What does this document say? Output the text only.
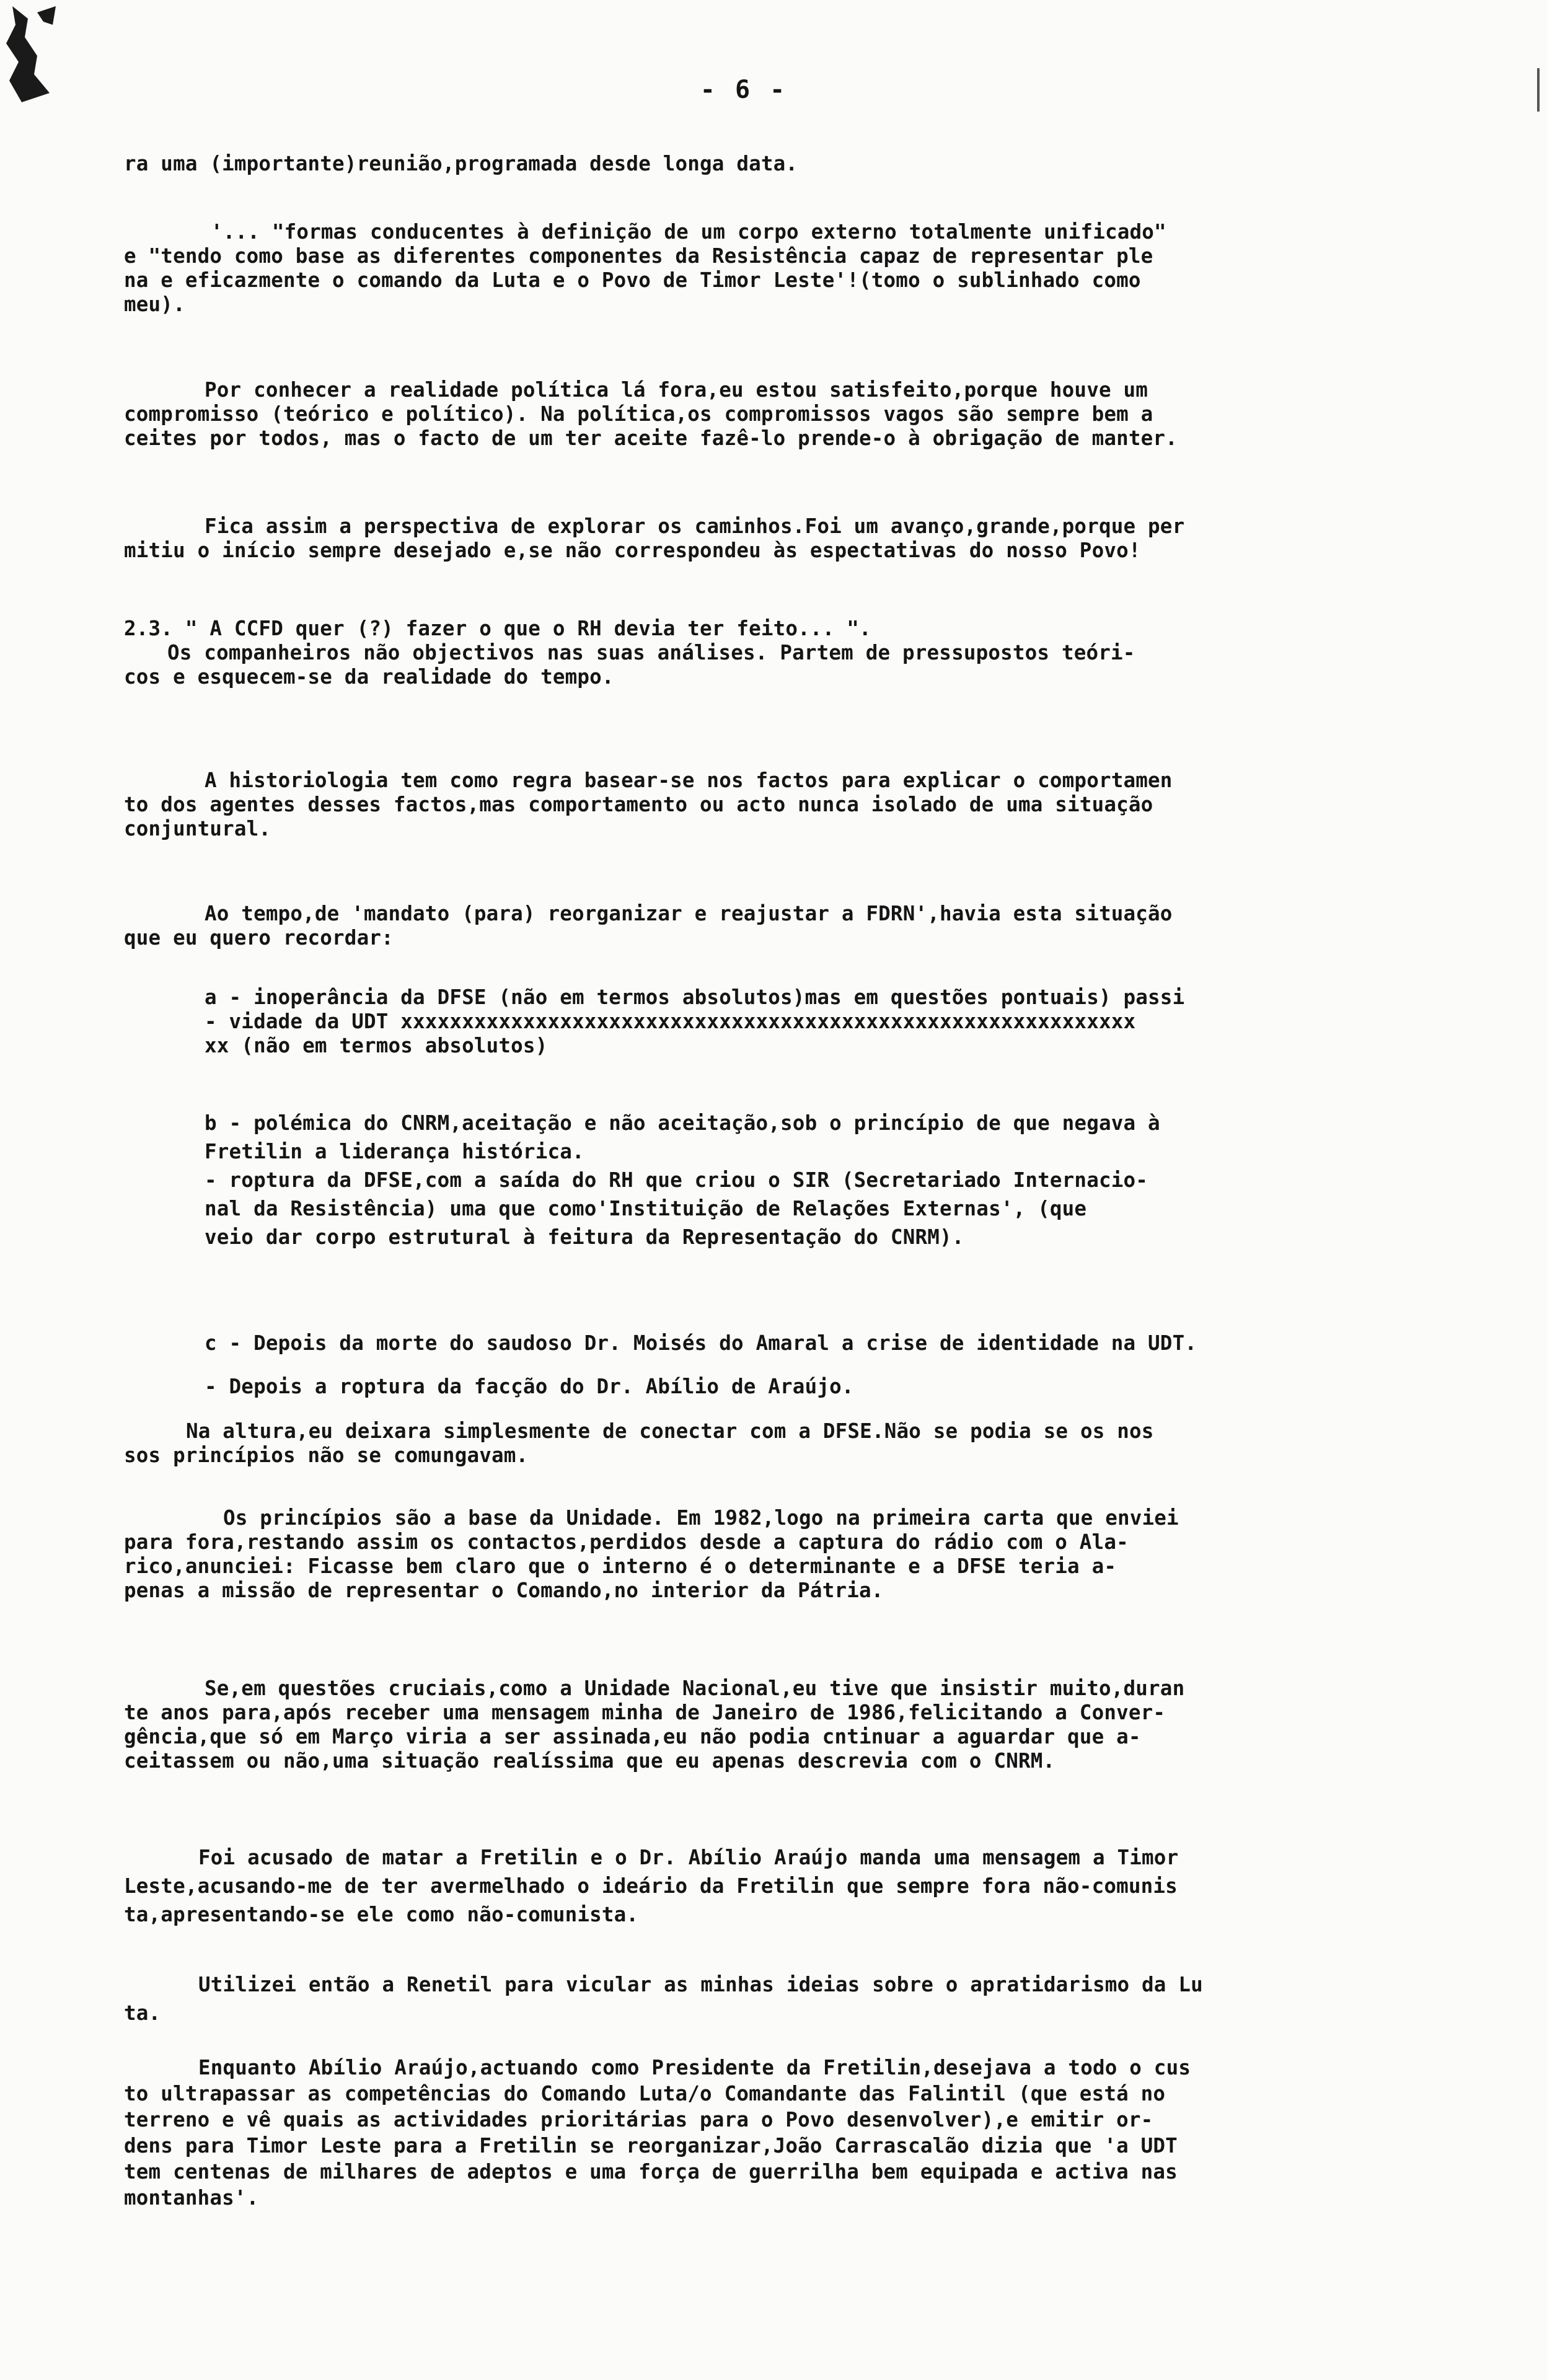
- 6 -
ra uma (importante)reunião,programada desde longa data.
'... "formas conducentes à definição de um corpo externo totalmente unificado"
e "tendo como base as diferentes componentes da Resistência capaz de representar ple
na e eficazmente o comando da Luta e o Povo de Timor Leste'!(tomo o sublinhado como
meu).
Por conhecer a realidade política lá fora,eu estou satisfeito,porque houve um
compromisso (teórico e político). Na política,os compromissos vagos são sempre bem a
ceites por todos, mas o facto de um ter aceite fazê-lo prende-o à obrigação de manter.
Fica assim a perspectiva de explorar os caminhos.Foi um avanço,grande,porque per
mitiu o início sempre desejado e,se não correspondeu às espectativas do nosso Povo!
2.3. " A CCFD quer (?) fazer o que o RH devia ter feito... ".
Os companheiros não objectivos nas suas análises. Partem de pressupostos teóri-
cos e esquecem-se da realidade do tempo.
A historiologia tem como regra basear-se nos factos para explicar o comportamen
to dos agentes desses factos,mas comportamento ou acto nunca isolado de uma situação
conjuntural.
Ao tempo,de 'mandato (para) reorganizar e reajustar a FDRN',havia esta situação
que eu quero recordar:
a - inoperância da DFSE (não em termos absolutos)mas em questões pontuais) passi
- vidade da UDT xxxxxxxxxxxxxxxxxxxxxxxxxxxxxxxxxxxxxxxxxxxxxxxxxxxxxxxxxxxx
xx (não em termos absolutos)
b - polémica do CNRM,aceitação e não aceitação,sob o princípio de que negava à
Fretilin a liderança histórica.
- roptura da DFSE,com a saída do RH que criou o SIR (Secretariado Internacio-
nal da Resistência) uma que como'Instituição de Relações Externas', (que
veio dar corpo estrutural à feitura da Representação do CNRM).
c - Depois da morte do saudoso Dr. Moisés do Amaral a crise de identidade na UDT.
- Depois a roptura da facção do Dr. Abílio de Araújo.
Na altura,eu deixara simplesmente de conectar com a DFSE.Não se podia se os nos
sos princípios não se comungavam.
Os princípios são a base da Unidade. Em 1982,logo na primeira carta que enviei
para fora,restando assim os contactos,perdidos desde a captura do rádio com o Ala-
rico,anunciei: Ficasse bem claro que o interno é o determinante e a DFSE teria a-
penas a missão de representar o Comando,no interior da Pátria.
Se,em questões cruciais,como a Unidade Nacional,eu tive que insistir muito,duran
te anos para,após receber uma mensagem minha de Janeiro de 1986,felicitando a Conver-
gência,que só em Março viria a ser assinada,eu não podia cntinuar a aguardar que a-
ceitassem ou não,uma situação realíssima que eu apenas descrevia com o CNRM.
Foi acusado de matar a Fretilin e o Dr. Abílio Araújo manda uma mensagem a Timor
Leste,acusando-me de ter avermelhado o ideário da Fretilin que sempre fora não-comunis
ta,apresentando-se ele como não-comunista.
Utilizei então a Renetil para vicular as minhas ideias sobre o apratidarismo da Lu
ta.
Enquanto Abílio Araújo,actuando como Presidente da Fretilin,desejava a todo o cus
to ultrapassar as competências do Comando Luta/o Comandante das Falintil (que está no
terreno e vê quais as actividades prioritárias para o Povo desenvolver),e emitir or-
dens para Timor Leste para a Fretilin se reorganizar,João Carrascalão dizia que 'a UDT
tem centenas de milhares de adeptos e uma força de guerrilha bem equipada e activa nas
montanhas'.
